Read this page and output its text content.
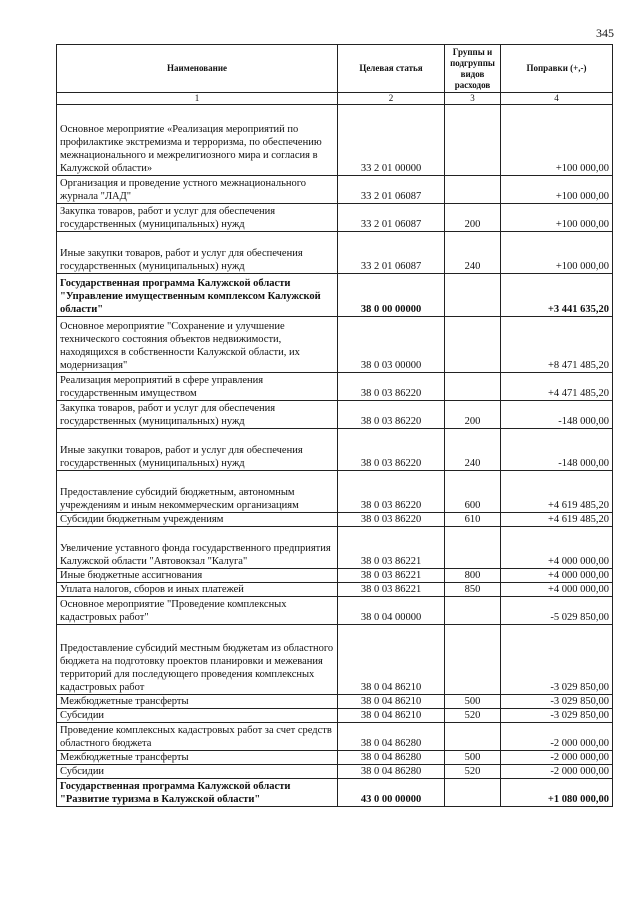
345
Наименование	Целевая статья	Группы и подгруппы видов расходов	Поправки (+,-)
1	2	3	4
Основное мероприятие «Реализация мероприятий по профилактике экстремизма и терроризма, по обеспечению межнационального и межрелигиозного мира и согласия в Калужской области»	33 2 01 00000		+100 000,00
Организация и проведение устного межнационального журнала "ЛАД"	33 2 01 06087		+100 000,00
Закупка товаров, работ и услуг для обеспечения государственных (муниципальных) нужд	33 2 01 06087	200	+100 000,00
Иные закупки товаров, работ и услуг для обеспечения государственных (муниципальных) нужд	33 2 01 06087	240	+100 000,00
Государственная программа Калужской области "Управление имущественным комплексом Калужской области"	38 0 00 00000		+3 441 635,20
Основное мероприятие "Сохранение и улучшение технического состояния объектов недвижимости, находящихся в собственности Калужской области, их модернизация"	38 0 03 00000		+8 471 485,20
Реализация мероприятий в сфере управления государственным имуществом	38 0 03 86220		+4 471 485,20
Закупка товаров, работ и услуг для обеспечения государственных (муниципальных) нужд	38 0 03 86220	200	-148 000,00
Иные закупки товаров, работ и услуг для обеспечения государственных (муниципальных) нужд	38 0 03 86220	240	-148 000,00
Предоставление субсидий бюджетным, автономным учреждениям и иным некоммерческим организациям	38 0 03 86220	600	+4 619 485,20
Субсидии бюджетным учреждениям	38 0 03 86220	610	+4 619 485,20
Увеличение уставного фонда государственного предприятия Калужской области "Автовокзал "Калуга"	38 0 03 86221		+4 000 000,00
Иные бюджетные ассигнования	38 0 03 86221	800	+4 000 000,00
Уплата налогов, сборов и иных платежей	38 0 03 86221	850	+4 000 000,00
Основное мероприятие "Проведение комплексных кадастровых работ"	38 0 04 00000		-5 029 850,00
Предоставление субсидий местным бюджетам из областного бюджета на подготовку проектов планировки и межевания территорий для последующего проведения комплексных кадастровых работ	38 0 04 86210		-3 029 850,00
Межбюджетные трансферты	38 0 04 86210	500	-3 029 850,00
Субсидии	38 0 04 86210	520	-3 029 850,00
Проведение комплексных кадастровых работ за счет средств областного бюджета	38 0 04 86280		-2 000 000,00
Межбюджетные трансферты	38 0 04 86280	500	-2 000 000,00
Субсидии	38 0 04 86280	520	-2 000 000,00
Государственная программа Калужской области "Развитие туризма в Калужской области"	43 0 00 00000		+1 080 000,00
